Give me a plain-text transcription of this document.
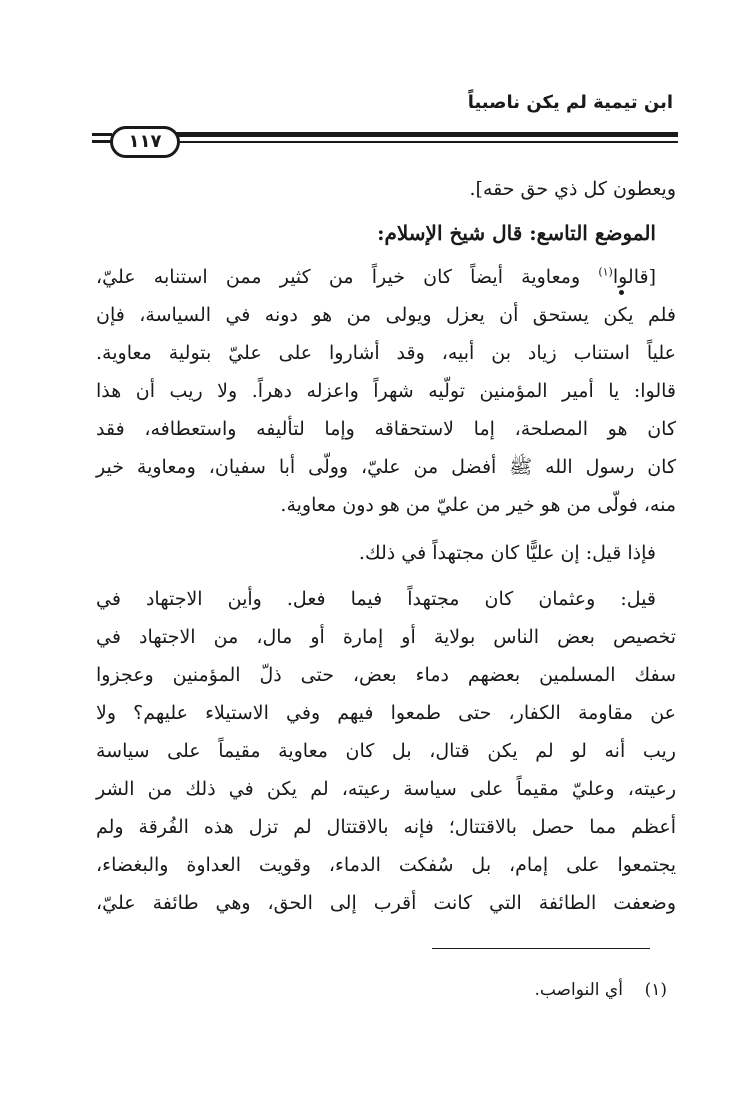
ابن تيمية لم يكن ناصبياً
١١٧
ويعطون كل ذي حق حقه].
الموضع التاسع: قال شيخ الإسلام:
[قالوا$^{(١)}$ ومعاوية أيضاً كان خيراً من كثير ممن استنابه عليّ،
فلم يكن يستحق أن يعزل ويولى من هو دونه في السياسة، فإن
علياً استناب زياد بن أبيه، وقد أشاروا على عليّ بتولية معاوية.
قالوا: يا أمير المؤمنين تولّيه شهراً واعزله دهراً. ولا ريب أن هذا
كان هو المصلحة، إما لاستحقاقه وإما لتأليفه واستعطافه، فقد
كان رسول الله ﷺ أفضل من عليّ، وولّى أبا سفيان، ومعاوية خير
منه، فولّى من هو خير من عليّ من هو دون معاوية.
فإذا قيل: إن عليًّا كان مجتهداً في ذلك.
قيل: وعثمان كان مجتهداً فيما فعل. وأين الاجتهاد في
تخصيص بعض الناس بولاية أو إمارة أو مال، من الاجتهاد في
سفك المسلمين بعضهم دماء بعض، حتى ذلّ المؤمنين وعجزوا
عن مقاومة الكفار، حتى طمعوا فيهم وفي الاستيلاء عليهم؟ ولا
ريب أنه لو لم يكن قتال، بل كان معاوية مقيماً على سياسة
رعيته، وعليّ مقيماً على سياسة رعيته، لم يكن في ذلك من الشر
أعظم مما حصل بالاقتتال؛ فإنه بالاقتتال لم تزل هذه الفُرقة ولم
يجتمعوا على إمام، بل سُفكت الدماء، وقويت العداوة والبغضاء،
وضعفت الطائفة التي كانت أقرب إلى الحق، وهي طائفة عليّ،
(١)    أي النواصب.
